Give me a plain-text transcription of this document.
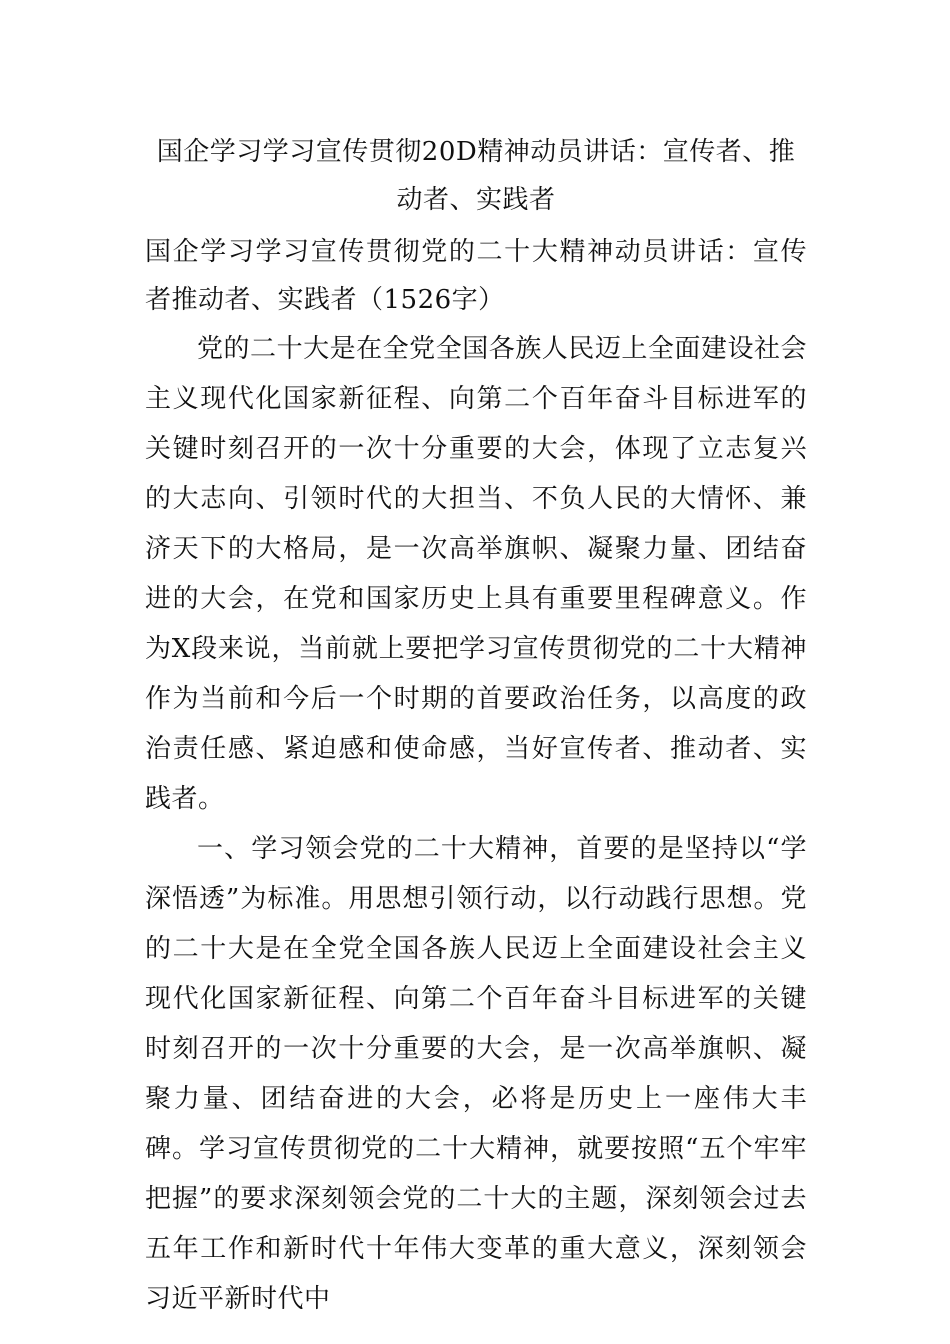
国企学习学习宣传贯彻20D精神动员讲话：宣传者、推动者、实践者

国企学习学习宣传贯彻党的二十大精神动员讲话：宣传者推动者、实践者（1526字）

党的二十大是在全党全国各族人民迈上全面建设社会主义现代化国家新征程、向第二个百年奋斗目标进军的关键时刻召开的一次十分重要的大会，体现了立志复兴的大志向、引领时代的大担当、不负人民的大情怀、兼济天下的大格局，是一次高举旗帜、凝聚力量、团结奋进的大会，在党和国家历史上具有重要里程碑意义。作为X段来说，当前就上要把学习宣传贯彻党的二十大精神作为当前和今后一个时期的首要政治任务，以高度的政治责任感、紧迫感和使命感，当好宣传者、推动者、实践者。

一、学习领会党的二十大精神，首要的是坚持以“学深悟透”为标准。用思想引领行动，以行动践行思想。党的二十大是在全党全国各族人民迈上全面建设社会主义现代化国家新征程、向第二个百年奋斗目标进军的关键时刻召开的一次十分重要的大会，是一次高举旗帜、凝聚力量、团结奋进的大会，必将是历史上一座伟大丰碑。学习宣传贯彻党的二十大精神，就要按照“五个牢牢把握”的要求深刻领会党的二十大的主题，深刻领会过去五年工作和新时代十年伟大变革的重大意义，深刻领会习近平新时代中
